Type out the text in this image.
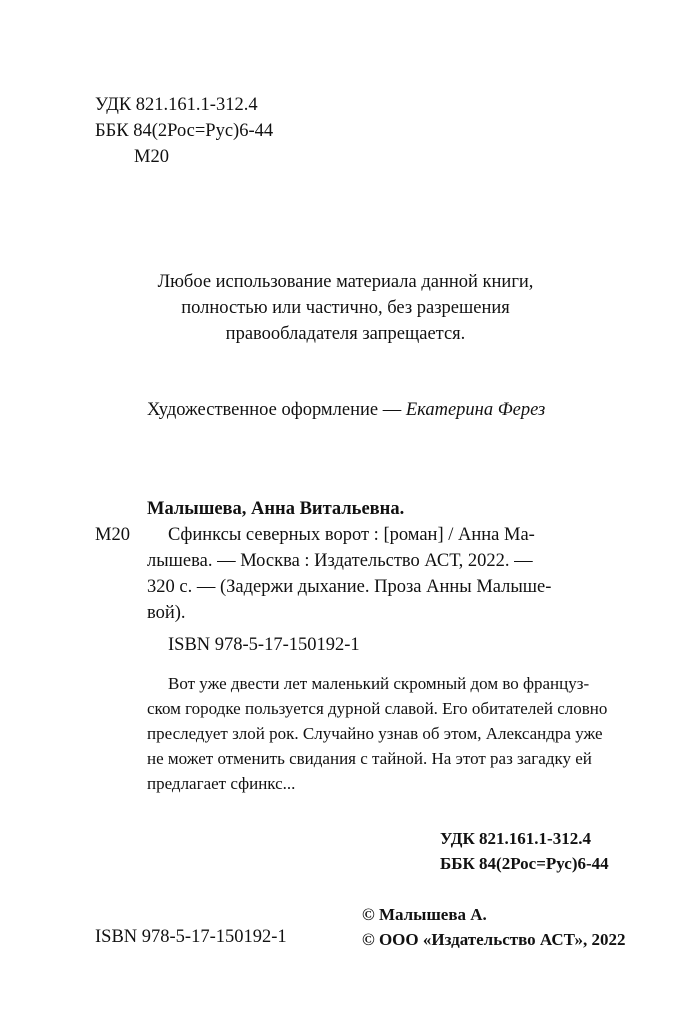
УДК 821.161.1-312.4
ББК 84(2Рос=Рус)6-44
М20
Любое использование материала данной книги,
полностью или частично, без разрешения
правообладателя запрещается.
Художественное оформление — Екатерина Ферез
Малышева, Анна Витальевна.
М20 Сфинксы северных ворот : [роман] / Анна Ма-
лышева. — Москва : Издательство АСТ, 2022. —
320 с. — (Задержи дыхание. Проза Анны Малыше-
вой).
ISBN 978-5-17-150192-1
Вот уже двести лет маленький скромный дом во француз-
ском городке пользуется дурной славой. Его обитателей словно
преследует злой рок. Случайно узнав об этом, Александра уже
не может отменить свидания с тайной. На этот раз загадку ей
предлагает сфинкс...
УДК 821.161.1-312.4
ББК 84(2Рос=Рус)6-44
ISBN 978-5-17-150192-1
© Малышева А.
© ООО «Издательство АСТ», 2022
